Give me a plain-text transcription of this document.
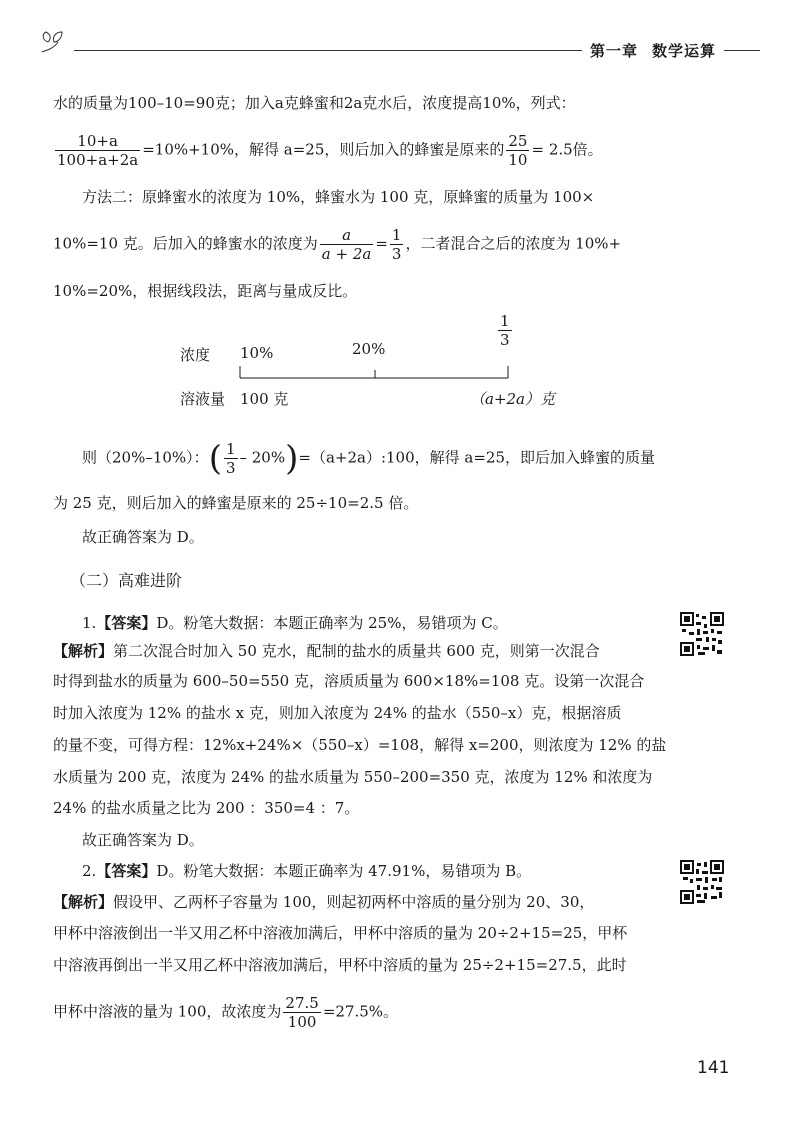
第一章 数学运算
水的质量为100–10=90克；加入a克蜂蜜和2a克水后，浓度提高10%，列式：
$\frac{10+a}{100+a+2a} =10\%+10\%$，解得 a=25，则后加入的蜂蜜是原来的 $\frac{25}{10} = 2.5$倍。
方法二：原蜂蜜水的浓度为 10%，蜂蜜水为 100 克，原蜂蜜的质量为 100×
10%=10 克。后加入的蜂蜜水的浓度为 $\frac{a}{a + 2a} = \frac{1}{3}$ ，二者混合之后的浓度为 10%+
10%=20%，根据线段法，距离与量成反比。
$\frac{1}{3}$
浓度 10%	20%
溶液量 100 克	（a+2a）克
则（20%–10%）：( $\frac{1}{3}$ – 20%)=（a+2a）:100，解得 a=25，即后加入蜂蜜的质量
为 25 克，则后加入的蜂蜜是原来的 25÷10=2.5 倍。
故正确答案为 D。
（二）高难进阶
1.【答案】D。粉笔大数据：本题正确率为 25%，易错项为 C。
【解析】第二次混合时加入 50 克水，配制的盐水的质量共 600 克，则第一次混合
时得到盐水的质量为 600–50=550 克，溶质质量为 600×18%=108 克。设第一次混合
时加入浓度为 12% 的盐水 x 克，则加入浓度为 24% 的盐水（550–x）克，根据溶质
的量不变，可得方程：12%x+24%×（550–x）=108，解得 x=200，则浓度为 12% 的盐
水质量为 200 克，浓度为 24% 的盐水质量为 550–200=350 克，浓度为 12% 和浓度为
24% 的盐水质量之比为 200 ：350=4 ：7。
故正确答案为 D。
2.【答案】D。粉笔大数据：本题正确率为 47.91%，易错项为 B。
【解析】假设甲、乙两杯子容量为 100，则起初两杯中溶质的量分别为 20、30，
甲杯中溶液倒出一半又用乙杯中溶液加满后，甲杯中溶质的量为 20÷2+15=25，甲杯
中溶液再倒出一半又用乙杯中溶液加满后，甲杯中溶质的量为 25÷2+15=27.5，此时
甲杯中溶液的量为 100，故浓度为 $\frac{27.5}{100} =27.5\%$。
141
